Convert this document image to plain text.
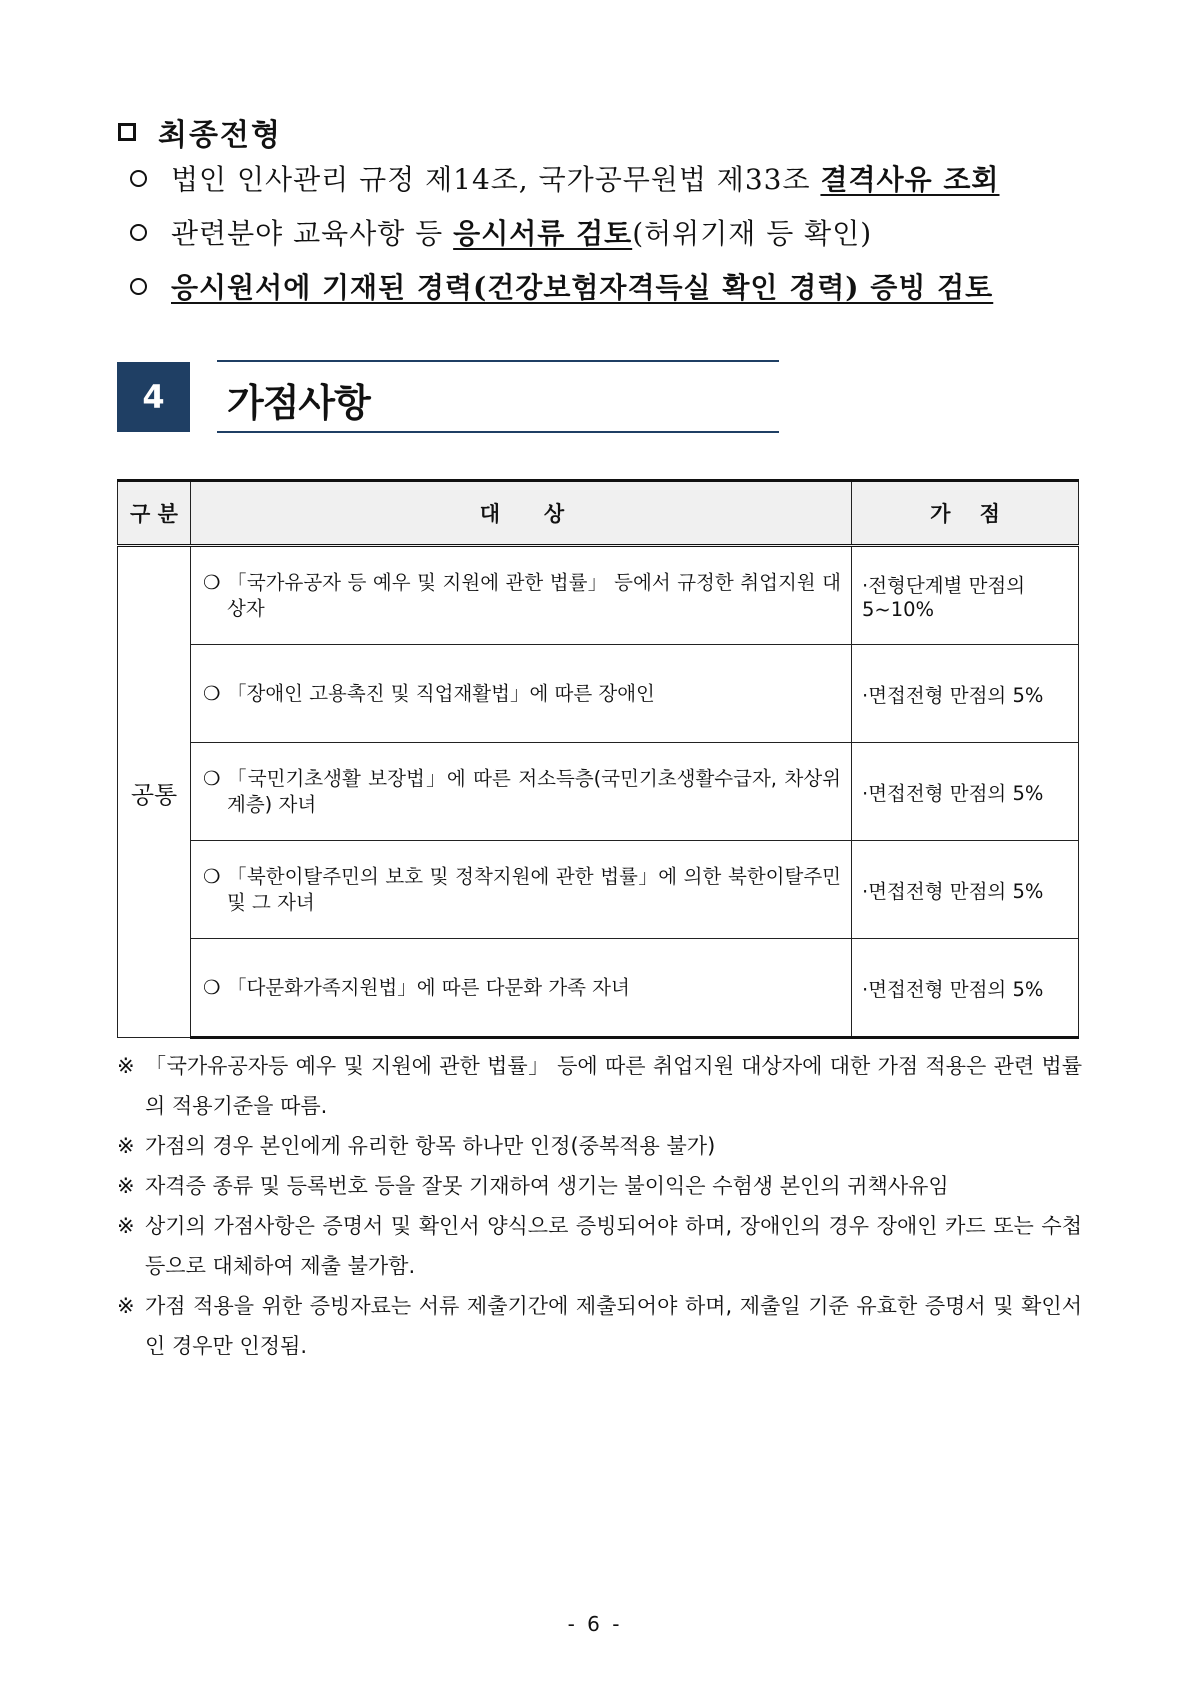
최종전형
법인 인사관리 규정 제14조, 국가공무원법 제33조 결격사유 조회
관련분야 교육사항 등 응시서류 검토(허위기재 등 확인)
응시원서에 기재된 경력(건강보험자격득실 확인 경력) 증빙 검토
4	가점사항
구 분	대      상	가    점
공통	❍ 「국가유공자 등 예우 및 지원에 관한 법률」 등에서 규정한 취업지원 대상자	·전형단계별 만점의 5~10%

	❍ 「장애인 고용촉진 및 직업재활법」에 따른 장애인	·면접전형 만점의 5%

	❍ 「국민기초생활 보장법」에 따른 저소득층(국민기초생활수급자, 차상위계층) 자녀	·면접전형 만점의 5%

	❍ 「북한이탈주민의 보호 및 정착지원에 관한 법률」에 의한 북한이탈주민 및 그 자녀	·면접전형 만점의 5%

	❍ 「다문화가족지원법」에 따른 다문화 가족 자녀	·면접전형 만점의 5%
※ 「국가유공자등 예우 및 지원에 관한 법률」 등에 따른 취업지원 대상자에 대한 가점 적용은 관련 법률의 적용기준을 따름.
※ 가점의 경우 본인에게 유리한 항목 하나만 인정(중복적용 불가)
※ 자격증 종류 및 등록번호 등을 잘못 기재하여 생기는 불이익은 수험생 본인의 귀책사유임
※ 상기의 가점사항은 증명서 및 확인서 양식으로 증빙되어야 하며, 장애인의 경우 장애인 카드 또는 수첩 등으로 대체하여 제출 불가함.
※ 가점 적용을 위한 증빙자료는 서류 제출기간에 제출되어야 하며, 제출일 기준 유효한 증명서 및 확인서인 경우만 인정됨.
- 6 -
